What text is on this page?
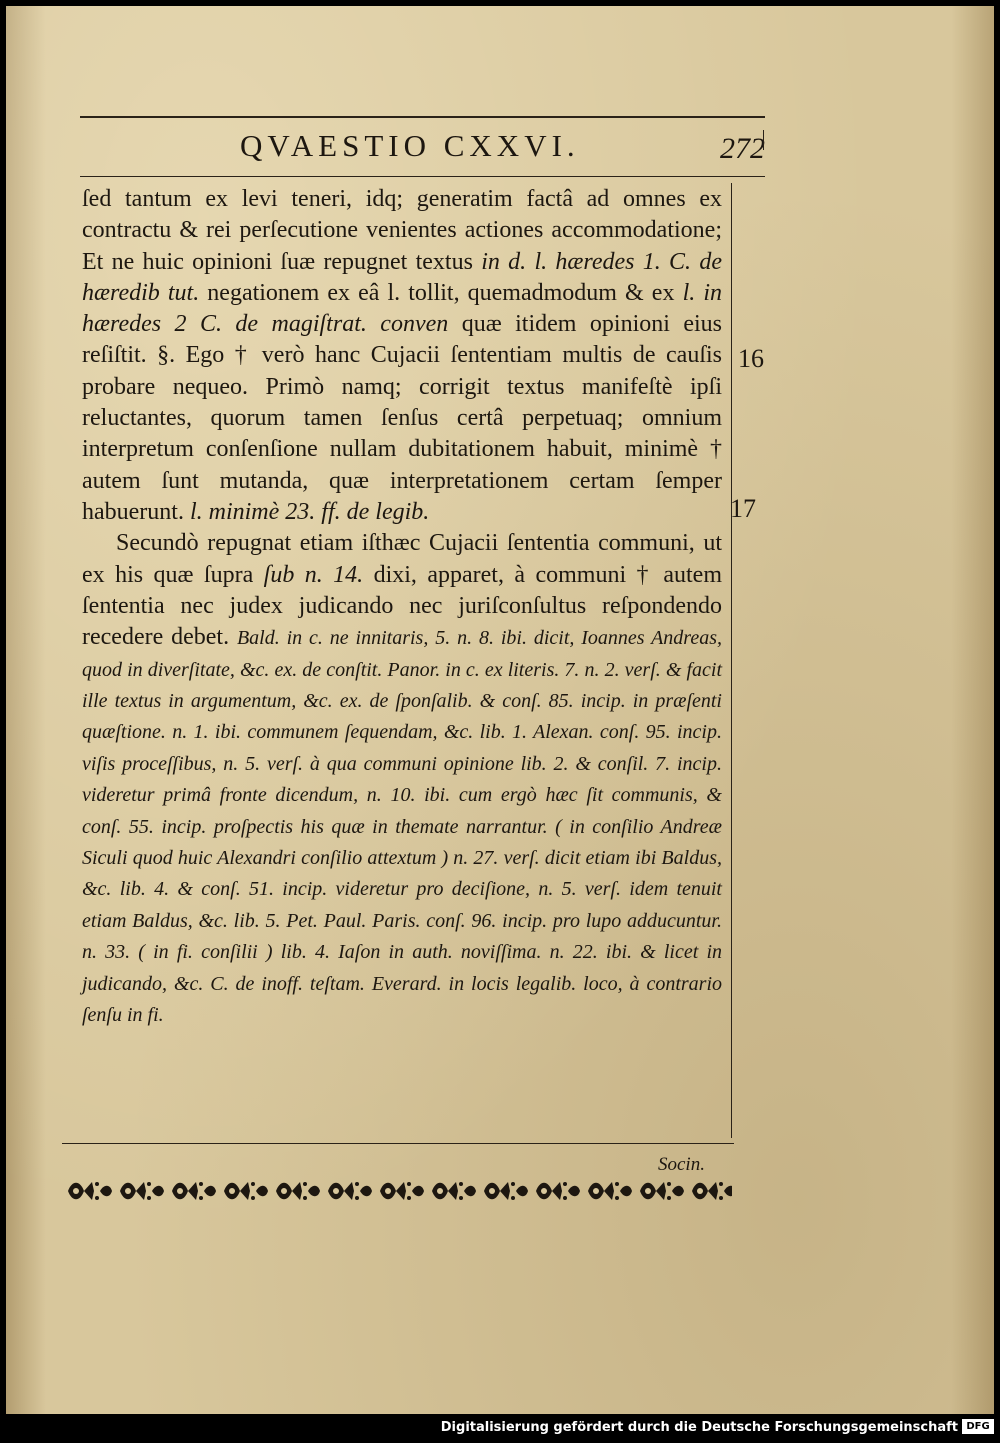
QVAESTIO CXXVI.	272

ſed tantum ex levi teneri, idq; generatim factâ ad omnes ex contractu & rei perſecutione venientes actiones accommodatione; Et ne huic opinioni ſuæ repugnet textus in d. l. hæredes 1. C. de hæredib tut. negationem ex eâ l. tollit, quemadmodum & ex l. in hæredes 2 C. de magiſtrat. conven quæ itidem opinioni eius reſiſtit. §. Ego † verò hanc Cujacii ſententiam multis de cauſis probare nequeo. Primò namq; corrigit textus manifeſtè ipſi reluctantes, quorum tamen ſenſus certâ perpetuaq; omnium interpretum conſenſione nullam dubitationem habuit, minimè † autem ſunt mutanda, quæ interpretationem certam ſemper habuerunt. l. minimè 23. ff. de legib.

Secundò repugnat etiam iſthæc Cujacii ſententia communi, ut ex his quæ ſupra ſub n. 14. dixi, apparet, à communi † autem ſententia nec judex judicando nec juriſconſultus reſpondendo recedere debet. Bald. in c. ne innitaris, 5. n. 8. ibi. dicit, Ioannes Andreas, quod in diverſitate, &c. ex. de conſtit. Panor. in c. ex literis. 7. n. 2. verſ. & facit ille textus in argumentum, &c. ex. de ſponſalib. & conſ. 85. incip. in præſenti quæſtione. n. 1. ibi. communem ſequendam, &c. lib. 1. Alexan. conſ. 95. incip. viſis proceſſibus, n. 5. verſ. à qua communi opinione lib. 2. & conſil. 7. incip. videretur primâ fronte dicendum, n. 10. ibi. cum ergò hæc ſit communis, & conſ. 55. incip. proſpectis his quæ in themate narrantur. ( in conſilio Andreæ Siculi quod huic Alexandri conſilio attextum ) n. 27. verſ. dicit etiam ibi Baldus, &c. lib. 4. & conſ. 51. incip. videretur pro deciſione, n. 5. verſ. idem tenuit etiam Baldus, &c. lib. 5. Pet. Paul. Paris. conſ. 96. incip. pro lupo adducuntur. n. 33. ( in fi. conſilii ) lib. 4. Iaſon in auth. noviſſima. n. 22. ibi. & licet in judicando, &c. C. de inoff. teſtam. Everard. in locis legalib. loco, à contrario ſenſu in fi.

16
17
Socin.
Digitalisierung gefördert durch die Deutsche Forschungsgemeinschaft DFG
